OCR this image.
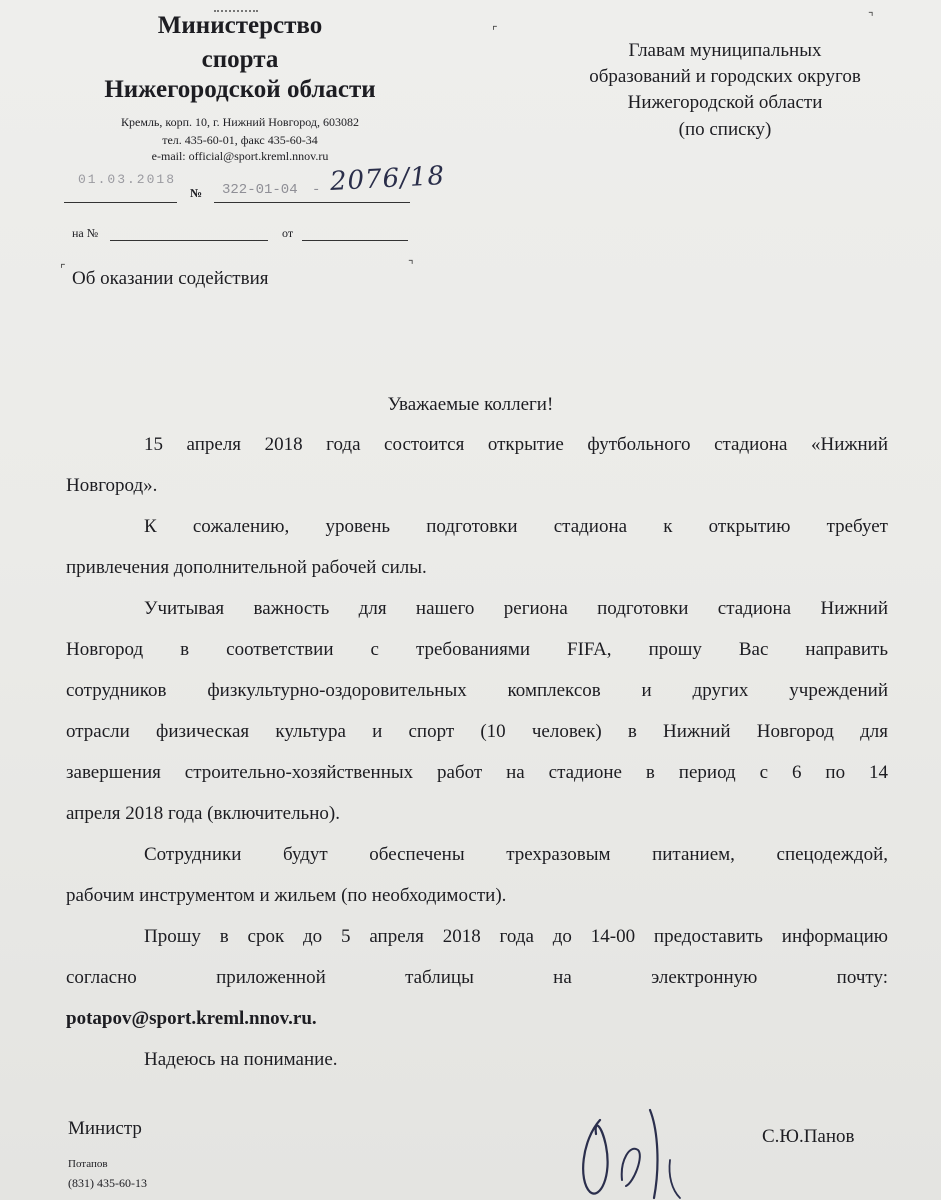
⌝
⌜
⌜	⌝
Министерство
спорта
Нижегородской области
Кремль, корп. 10, г. Нижний Новгород, 603082
тел. 435-60-01, факс 435-60-34
e-mail: official@sport.kreml.nnov.ru
Главам муниципальных
образований и городских округов
Нижегородской области
(по списку)
01.03.2018
№ 322-01-04 - 2076/18
на №	от
Об оказании содействия
Уважаемые коллеги!
15 апреля 2018 года состоится открытие футбольного стадиона «Нижний
Новгород».
К сожалению, уровень подготовки стадиона к открытию требует
привлечения дополнительной рабочей силы.
Учитывая важность для нашего региона подготовки стадиона Нижний
Новгород в соответствии с требованиями FIFA, прошу Вас направить
сотрудников физкультурно-оздоровительных комплексов и других учреждений
отрасли физическая культура и спорт (10 человек) в Нижний Новгород для
завершения строительно-хозяйственных работ на стадионе в период с 6 по 14
апреля 2018 года (включительно).
Сотрудники будут обеспечены трехразовым питанием, спецодеждой,
рабочим инструментом и жильем (по необходимости).
Прошу в срок до 5 апреля 2018 года до 14-00 предоставить информацию
согласно приложенной таблицы на электронную почту:
potapov@sport.kreml.nnov.ru.
Надеюсь на понимание.
Министр	С.Ю.Панов
Потапов
(831) 435-60-13
